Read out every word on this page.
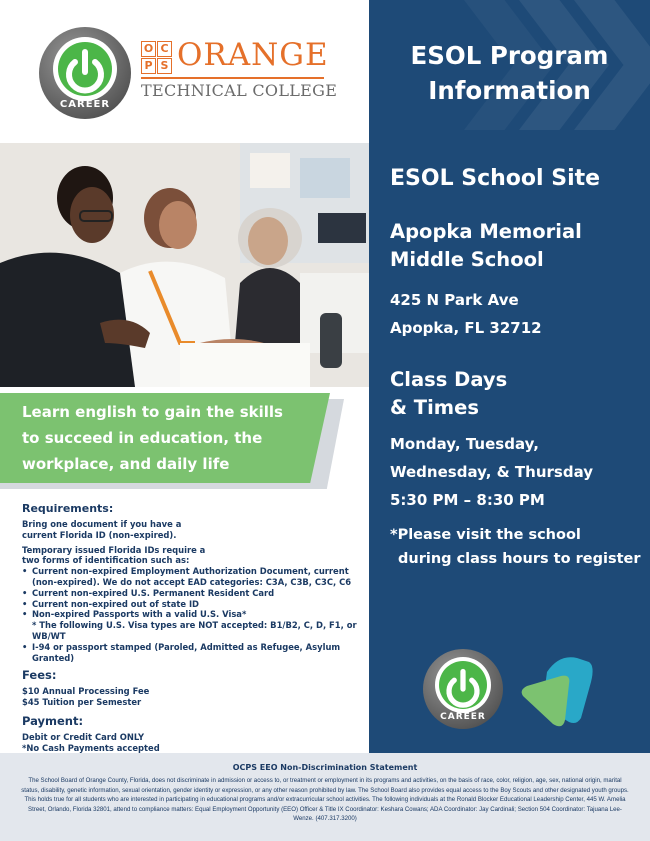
ESOL Program
Information
ESOL School Site
Apopka Memorial
Middle School
425 N Park Ave
Apopka, FL 32712
Class Days
& Times
Monday, Tuesday,
Wednesday, & Thursday
5:30 PM – 8:30 PM
*Please visit the school
during class hours to register
CAREER
O C
P S ORANGE
TECHNICAL COLLEGE
Learn english to gain the skills
to succeed in education, the
workplace, and daily life
Requirements:

Bring one document if you have a

current Florida ID (non-expired).

Temporary issued Florida IDs require a

two forms of identification such as:

• Current non-expired Employment Authorization Document, current (non-expired). We do not accept EAD categories: C3A, C3B, C3C, C6
• Current non-expired U.S. Permanent Resident Card
• Current non-expired out of state ID
• Non-expired Passports with a valid U.S. Visa*
* The following U.S. Visa types are NOT accepted: B1/B2, C, D, F1, or WB/WT
• I-94 or passport stamped (Paroled, Admitted as Refugee, Asylum Granted)
Fees:

$10 Annual Processing Fee

$45 Tuition per Semester

Payment:

Debit or Credit Card ONLY

*No Cash Payments accepted

CAREER
OCPS EEO Non-Discrimination Statement

The School Board of Orange County, Florida, does not discriminate in admission or access to, or treatment or employment in its programs and activities, on the basis of race, color, religion, age, sex, national origin, marital status, disability, genetic information, sexual orientation, gender identity or expression, or any other reason prohibited by law. The School Board also provides equal access to the Boy Scouts and other designated youth groups. This holds true for all students who are interested in participating in educational programs and/or extracurricular school activities. The following individuals at the Ronald Blocker Educational Leadership Center, 445 W. Amelia Street, Orlando, Florida 32801, attend to compliance matters: Equal Employment Opportunity (EEO) Officer & Title IX Coordinator: Keshara Cowans; ADA Coordinator: Jay Cardinali; Section 504 Coordinator: Tajuana Lee-Wenze. (407.317.3200)
